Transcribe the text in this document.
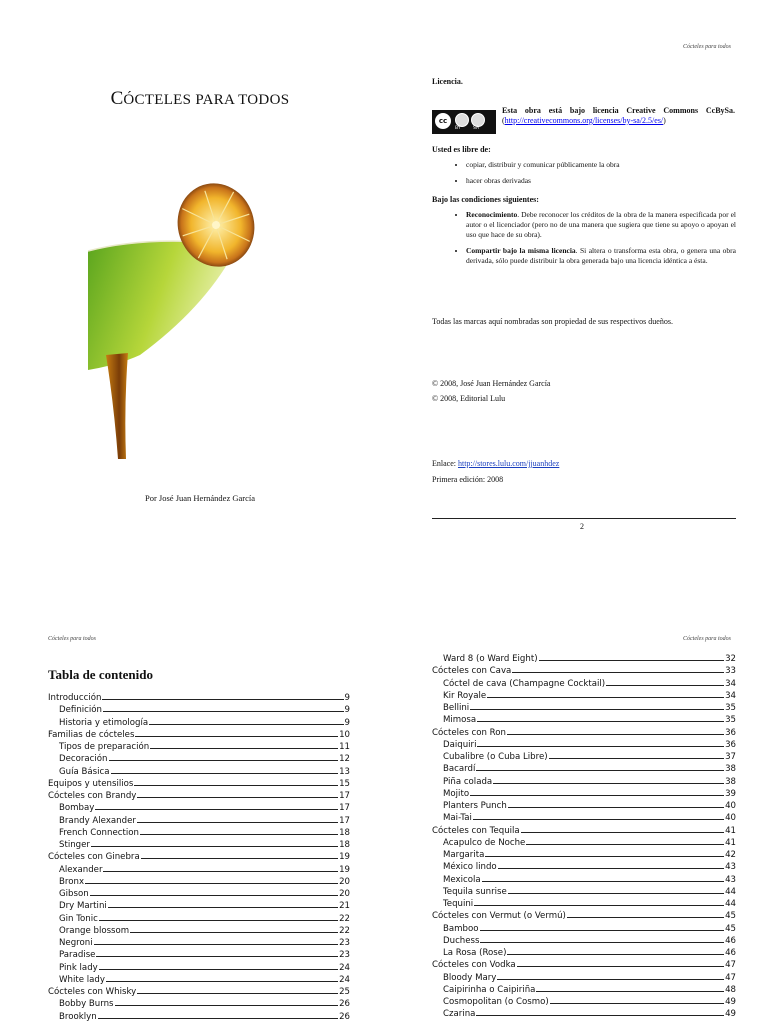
CÓCTELES PARA TODOS
Por José Juan Hernández García
Cócteles para todos
Licencia.
cc
BY	SA
Esta obra está bajo licencia Creative Commons CcBySa. (http://creativecommons.org/licenses/by-sa/2.5/es/)
Usted es libre de:
• copiar, distribuir y comunicar públicamente la obra
• hacer obras derivadas
Bajo las condiciones siguientes:
• Reconocimiento. Debe reconocer los créditos de la obra de la manera especificada por el autor o el licenciador (pero no de una manera que sugiera que tiene su apoyo o apoyan el uso que hace de su obra).
• Compartir bajo la misma licencia. Si altera o transforma esta obra, o genera una obra derivada, sólo puede distribuir la obra generada bajo una licencia idéntica a ésta.
Todas las marcas aquí nombradas son propiedad de sus respectivos dueños.
© 2008, José Juan Hernández García
© 2008, Editorial Lulu
Enlace: http://stores.lulu.com/jjuanhdez
Primera edición: 2008
2
Cócteles para todos
Tabla de contenido
Introducción	9
Definición	9
Historia y etimología	9
Familias de cócteles	10
Tipos de preparación	11
Decoración	12
Guía Básica	13
Equipos y utensilios	15
Cócteles con Brandy	17
Bombay	17
Brandy Alexander	17
French Connection	18
Stinger	18
Cócteles con Ginebra	19
Alexander	19
Bronx	20
Gibson	20
Dry Martini	21
Gin Tonic	22
Orange blossom	22
Negroni	23
Paradise	23
Pink lady	24
White lady	24
Cócteles con Whisky	25
Bobby Burns	26
Brooklyn	26
Cócteles para todos
Ward 8 (o Ward Eight)	32
Cócteles con Cava	33
Cóctel de cava (Champagne Cocktail)	34
Kir Royale	34
Bellini	35
Mimosa	35
Cócteles con Ron	36
Daiquiri	36
Cubalibre (o Cuba Libre)	37
Bacardí	38
Piña colada	38
Mojito	39
Planters Punch	40
Mai-Tai	40
Cócteles con Tequila	41
Acapulco de Noche	41
Margarita	42
México lindo	43
Mexicola	43
Tequila sunrise	44
Tequini	44
Cócteles con Vermut (o Vermú)	45
Bamboo	45
Duchess	46
La Rosa (Rose)	46
Cócteles con Vodka	47
Bloody Mary	47
Caipirinha o Caipiriña	48
Cosmopolitan (o Cosmo)	49
Czarina	49
